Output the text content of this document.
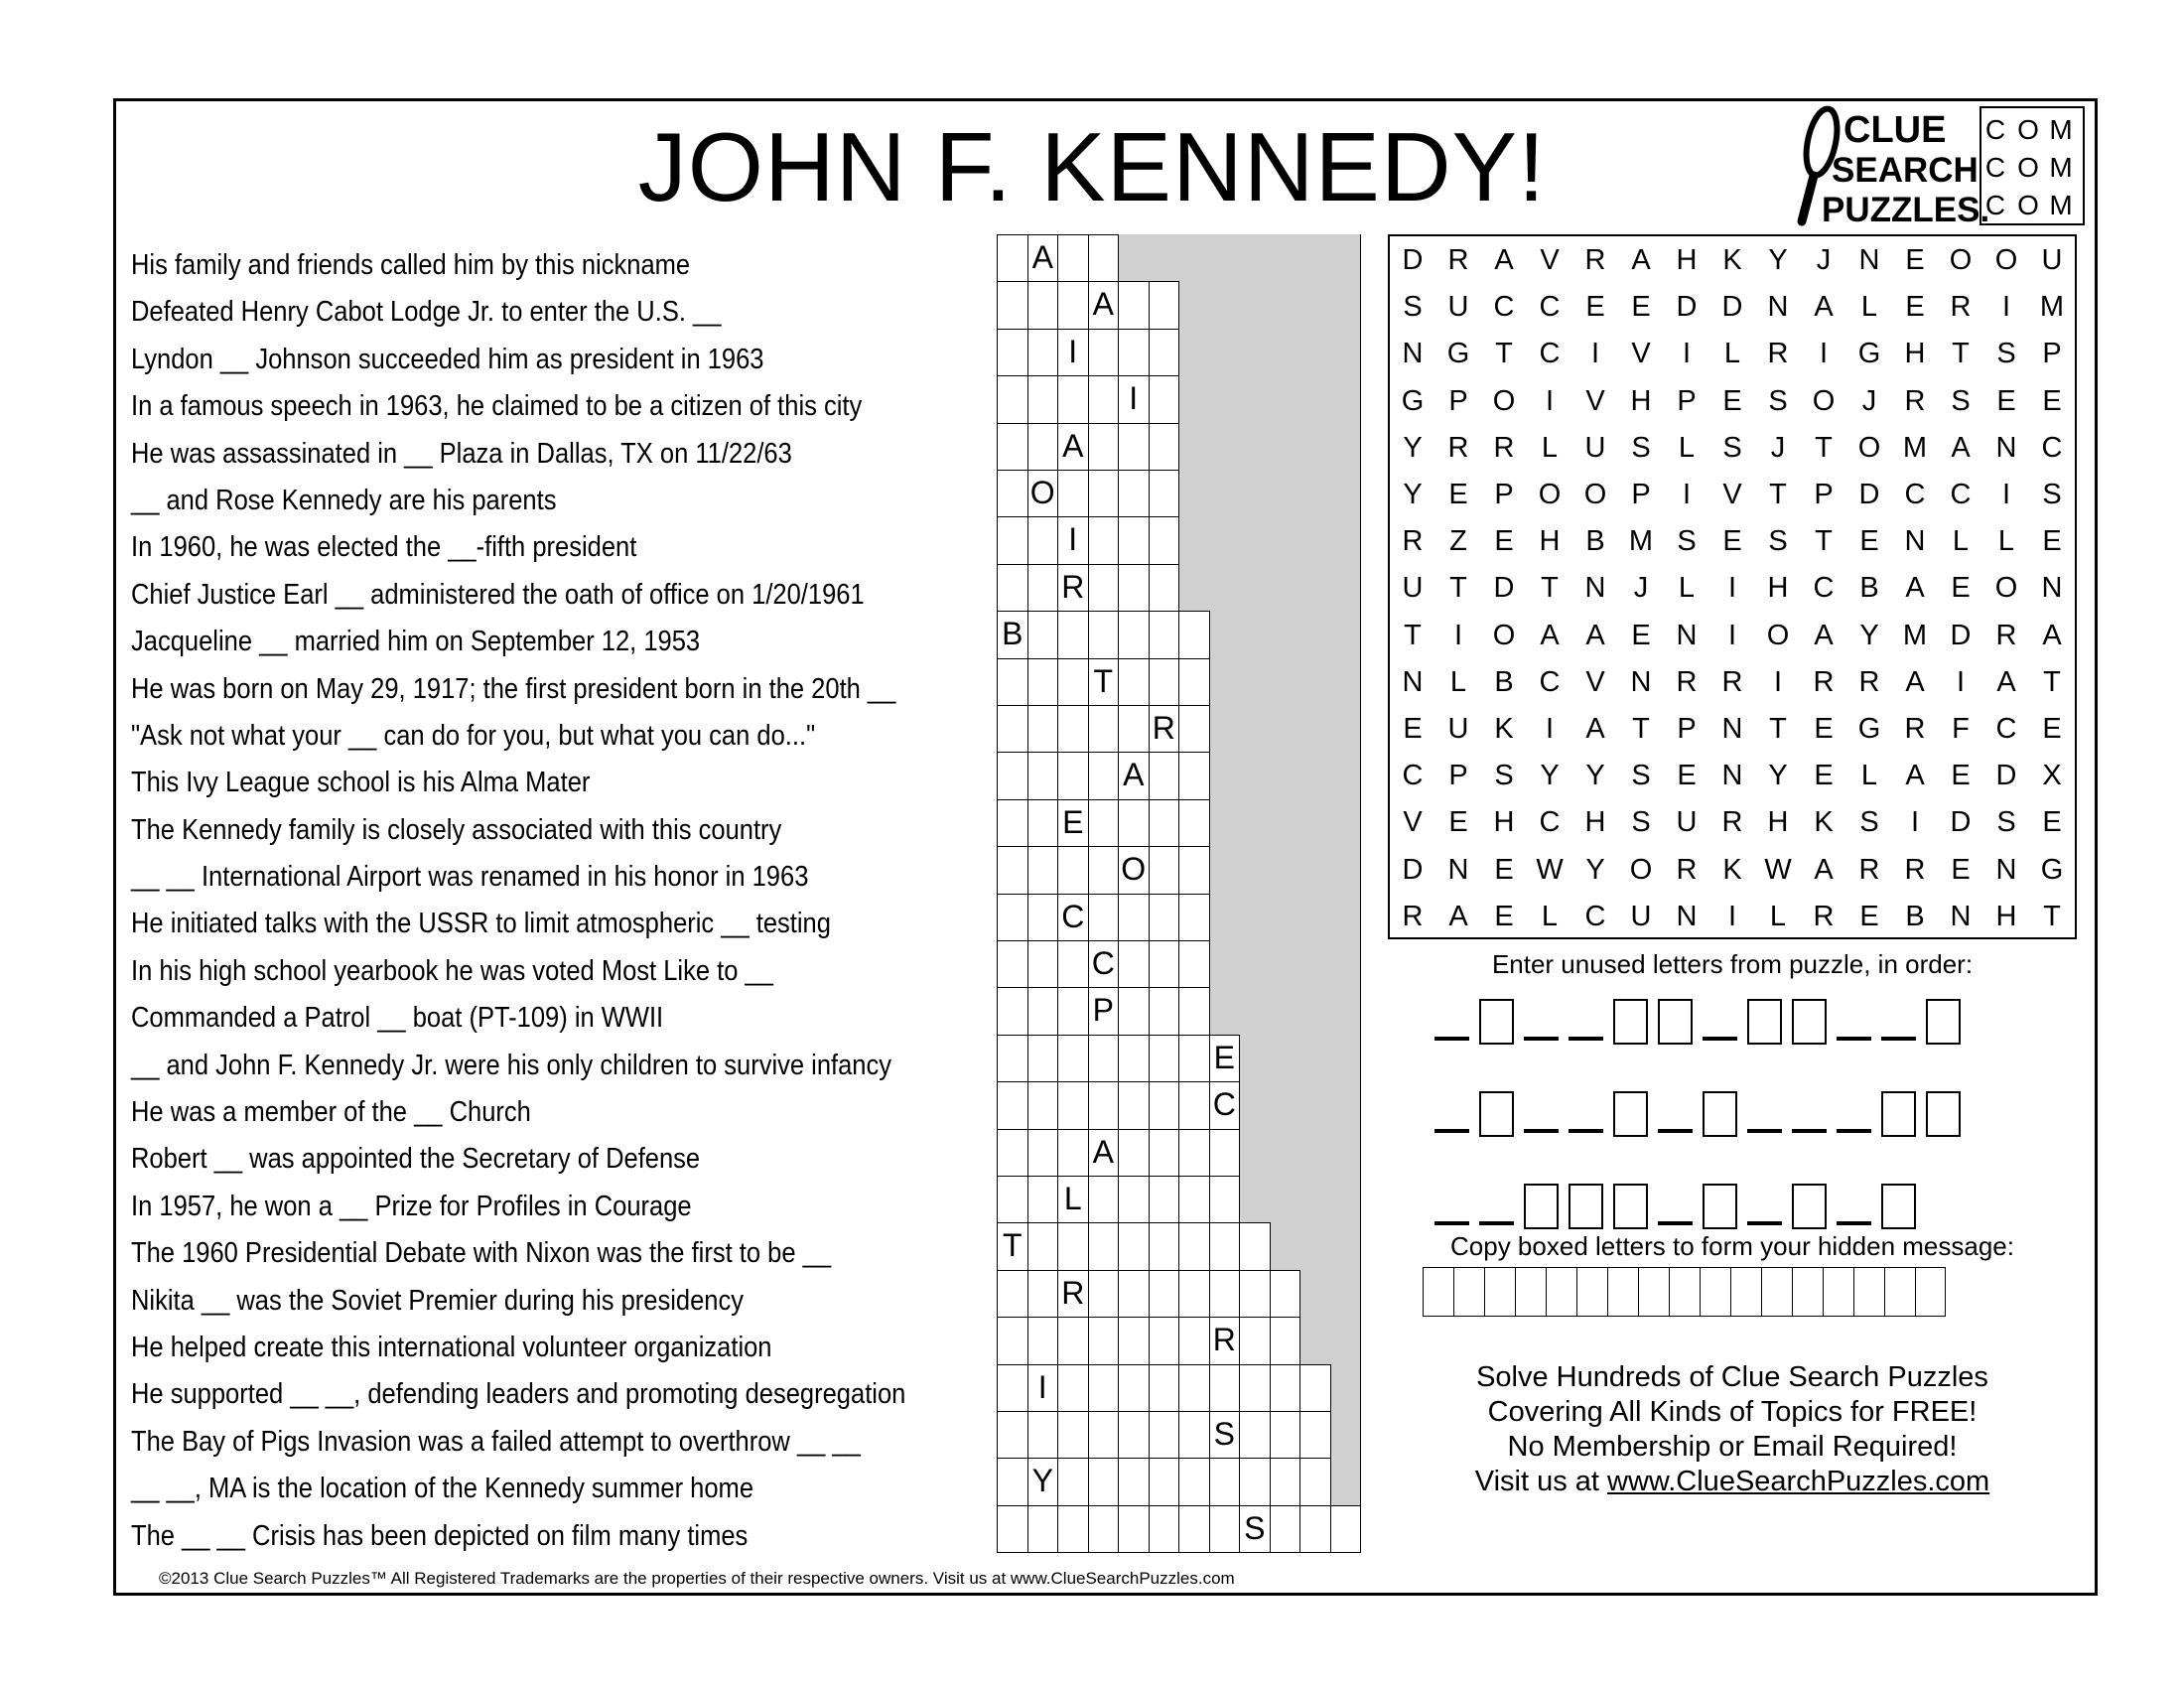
JOHN F. KENNEDY!	CLUE
SEARCH
PUZZLES.
C O M
C O M
C O M
His family and friends called him by this nickname
Defeated Henry Cabot Lodge Jr. to enter the U.S. __
Lyndon __ Johnson succeeded him as president in 1963
In a famous speech in 1963, he claimed to be a citizen of this city
He was assassinated in __ Plaza in Dallas, TX on 11/22/63
__ and Rose Kennedy are his parents
In 1960, he was elected the __-fifth president
Chief Justice Earl __ administered the oath of office on 1/20/1961
Jacqueline __ married him on September 12, 1953
He was born on May 29, 1917; the first president born in the 20th __
"Ask not what your __ can do for you, but what you can do..."
This Ivy League school is his Alma Mater
The Kennedy family is closely associated with this country
__ __ International Airport was renamed in his honor in 1963
He initiated talks with the USSR to limit atmospheric __ testing
In his high school yearbook he was voted Most Like to __
Commanded a Patrol __ boat (PT-109) in WWII
__ and John F. Kennedy Jr. were his only children to survive infancy
He was a member of the __ Church
Robert __ was appointed the Secretary of Defense
In 1957, he won a __ Prize for Profiles in Courage
The 1960 Presidential Debate with Nixon was the first to be __
Nikita __ was the Soviet Premier during his presidency
He helped create this international volunteer organization
He supported __ __, defending leaders and promoting desegregation
The Bay of Pigs Invasion was a failed attempt to overthrow __ __
__ __, MA is the location of the Kennedy summer home
The __ __ Crisis has been depicted on film many times
A
A
I
I
A
O
I
R
B
T
R
A
E
O
C
C
P
E
C
A
L
T
R
R
I
S
Y
S
D R A V R A H K Y	J N E O O U
S U C C E E D D N A L E R	I	M
N G T C	I	V	I	L R	I	G H T S P
G P O	I	V H P E S O J R S E E
Y R R L U S L S	J	T O M A N C
Y E P O O P	I	V T P D C C	I	S
R Z E H B M S E S T E N L	L E
U T D T N J	L	I	H C B A E O N
T	I	O A A E N	I	O A Y M D R A
N L B C V N R R	I	R R A	I	A T
E U K	I	A T P N T E G R F C E
C P S Y Y S E N Y E L A E D X
V E H C H S U R H K S	I	D S E
D N E W Y O R K W A R R E N G
R A E L C U N	I	L R E B N H T
Enter unused letters from puzzle, in order:
Copy boxed letters to form your hidden message:
Solve Hundreds of Clue Search Puzzles
Covering All Kinds of Topics for FREE!
No Membership or Email Required!
Visit us at www.ClueSearchPuzzles.com
©2013 Clue Search Puzzles™ All Registered Trademarks are the properties of their respective owners. Visit us at www.ClueSearchPuzzles.com
